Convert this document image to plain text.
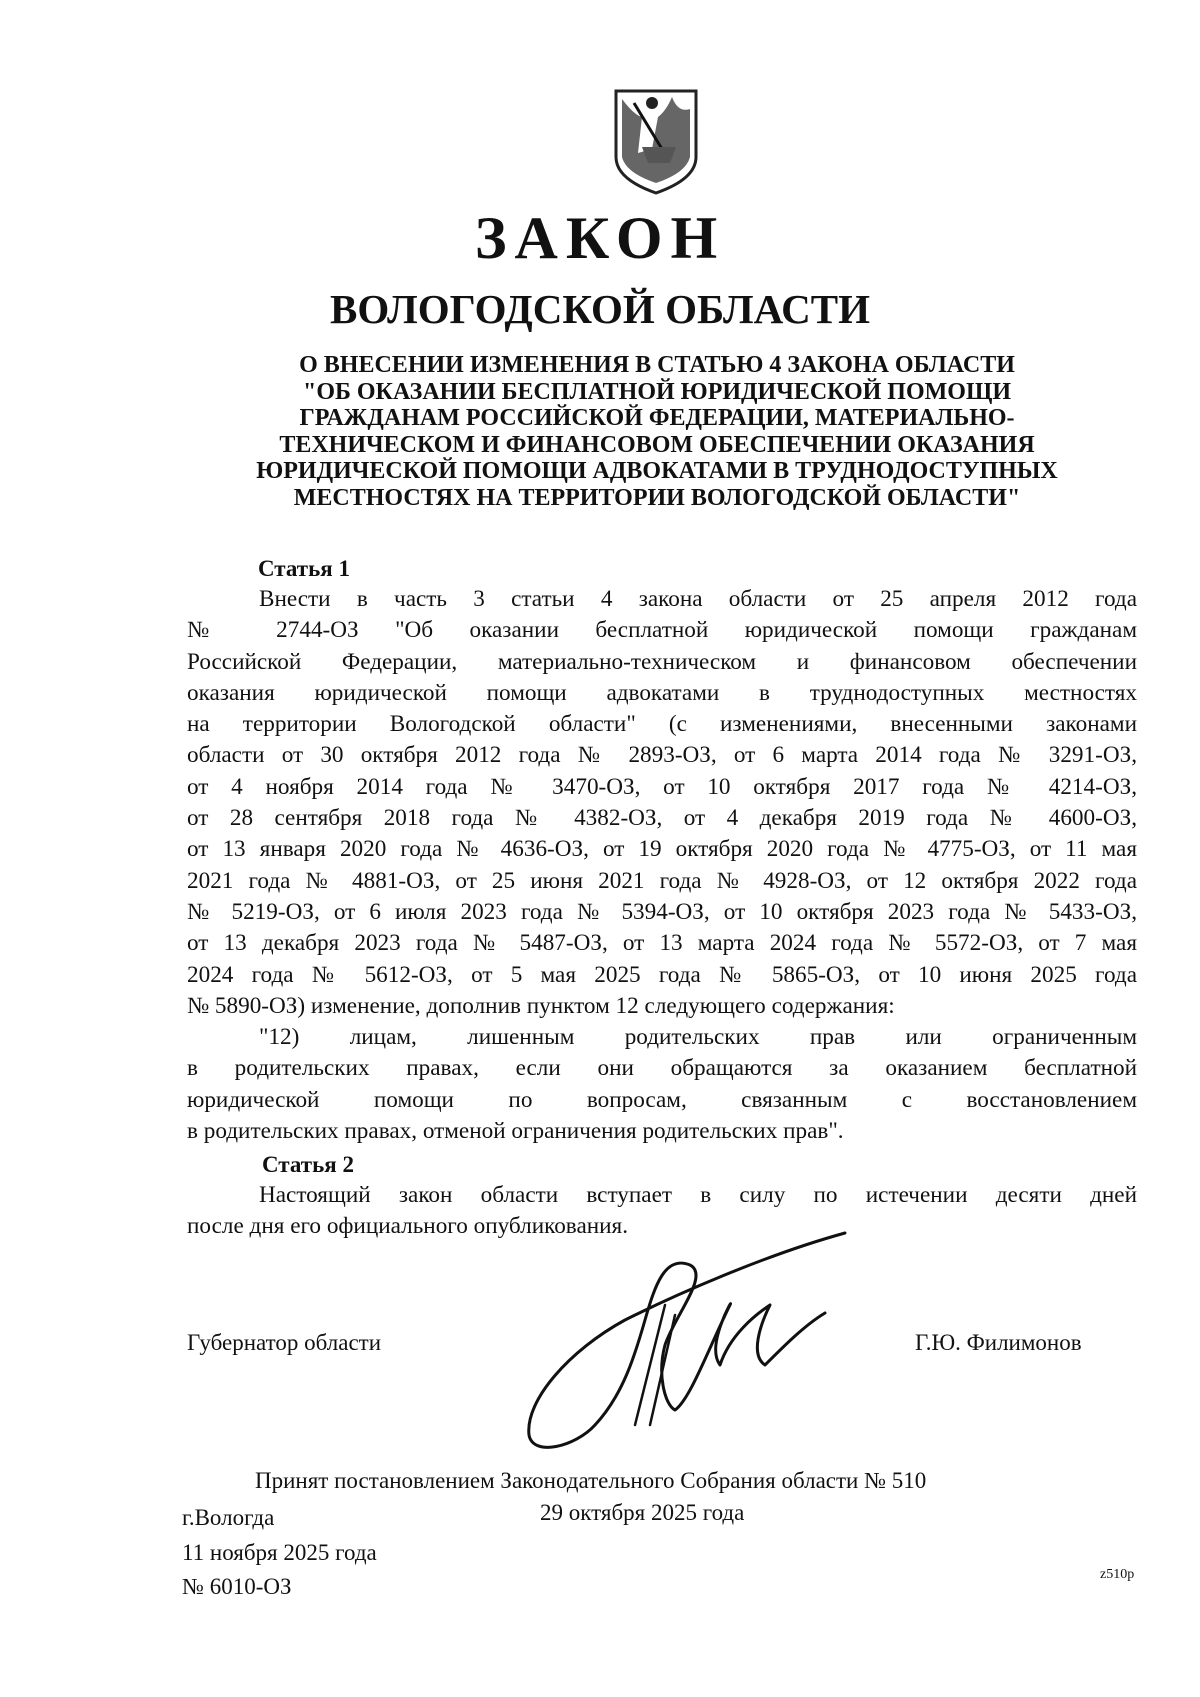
ЗАКОН
ВОЛОГОДСКОЙ ОБЛАСТИ
О ВНЕСЕНИИ ИЗМЕНЕНИЯ В СТАТЬЮ 4 ЗАКОНА ОБЛАСТИ
"ОБ ОКАЗАНИИ БЕСПЛАТНОЙ ЮРИДИЧЕСКОЙ ПОМОЩИ
ГРАЖДАНАМ РОССИЙСКОЙ ФЕДЕРАЦИИ, МАТЕРИАЛЬНО-
ТЕХНИЧЕСКОМ И ФИНАНСОВОМ ОБЕСПЕЧЕНИИ ОКАЗАНИЯ
ЮРИДИЧЕСКОЙ ПОМОЩИ АДВОКАТАМИ В ТРУДНОДОСТУПНЫХ
МЕСТНОСТЯХ НА ТЕРРИТОРИИ ВОЛОГОДСКОЙ ОБЛАСТИ"
Статья 1
Внести в часть 3 статьи 4 закона области от 25 апреля 2012 года
№ 2744-ОЗ "Об оказании бесплатной юридической помощи гражданам
Российской Федерации, материально-техническом и финансовом обеспечении
оказания юридической помощи адвокатами в труднодоступных местностях
на территории Вологодской области" (с изменениями, внесенными законами
области от 30 октября 2012 года № 2893-ОЗ, от 6 марта 2014 года № 3291-ОЗ,
от 4 ноября 2014 года № 3470-ОЗ, от 10 октября 2017 года № 4214-ОЗ,
от 28 сентября 2018 года № 4382-ОЗ, от 4 декабря 2019 года № 4600-ОЗ,
от 13 января 2020 года № 4636-ОЗ, от 19 октября 2020 года № 4775-ОЗ, от 11 мая
2021 года № 4881-ОЗ, от 25 июня 2021 года № 4928-ОЗ, от 12 октября 2022 года
№ 5219-ОЗ, от 6 июля 2023 года № 5394-ОЗ, от 10 октября 2023 года № 5433-ОЗ,
от 13 декабря 2023 года № 5487-ОЗ, от 13 марта 2024 года № 5572-ОЗ, от 7 мая
2024 года № 5612-ОЗ, от 5 мая 2025 года № 5865-ОЗ, от 10 июня 2025 года
№ 5890-ОЗ) изменение, дополнив пунктом 12 следующего содержания:
"12) лицам, лишенным родительских прав или ограниченным
в родительских правах, если они обращаются за оказанием бесплатной
юридической помощи по вопросам, связанным с восстановлением
в родительских правах, отменой ограничения родительских прав".
Статья 2
Настоящий закон области вступает в силу по истечении десяти дней
после дня его официального опубликования.
Губернатор области	Г.Ю. Филимонов
Принят постановлением Законодательного Собрания области № 510
29 октября 2025 года
г.Вологда
11 ноября 2025 года
№ 6010-ОЗ	z510p
